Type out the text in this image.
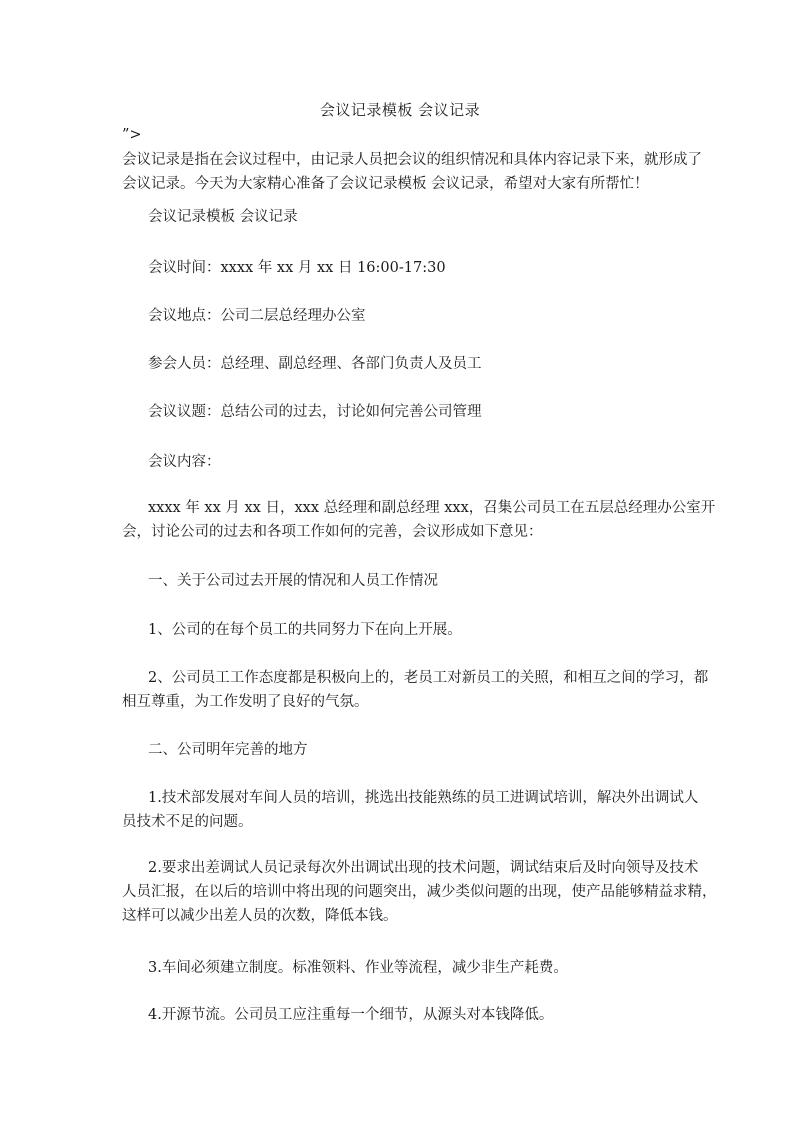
会议记录模板 会议记录
”>
会议记录是指在会议过程中，由记录人员把会议的组织情况和具体内容记录下来，就形成了
会议记录。今天为大家精心准备了会议记录模板 会议记录，希望对大家有所帮忙！
会议记录模板 会议记录
会议时间：xxxx 年 xx 月 xx 日 16:00-17:30
会议地点：公司二层总经理办公室
参会人员：总经理、副总经理、各部门负责人及员工
会议议题：总结公司的过去，讨论如何完善公司管理
会议内容：
xxxx 年 xx 月 xx 日，xxx 总经理和副总经理 xxx，召集公司员工在五层总经理办公室开
会，讨论公司的过去和各项工作如何的完善，会议形成如下意见：
一、关于公司过去开展的情况和人员工作情况
1、公司的在每个员工的共同努力下在向上开展。
2、公司员工工作态度都是积极向上的，老员工对新员工的关照，和相互之间的学习，都
相互尊重，为工作发明了良好的气氛。
二、公司明年完善的地方
1.技术部发展对车间人员的培训，挑选出技能熟练的员工进调试培训，解决外出调试人
员技术不足的问题。
2.要求出差调试人员记录每次外出调试出现的技术问题，调试结束后及时向领导及技术
人员汇报，在以后的培训中将出现的问题突出，减少类似问题的出现，使产品能够精益求精，
这样可以减少出差人员的次数，降低本钱。
3.车间必须建立制度。标准领料、作业等流程，减少非生产耗费。
4.开源节流。公司员工应注重每一个细节，从源头对本钱降低。
